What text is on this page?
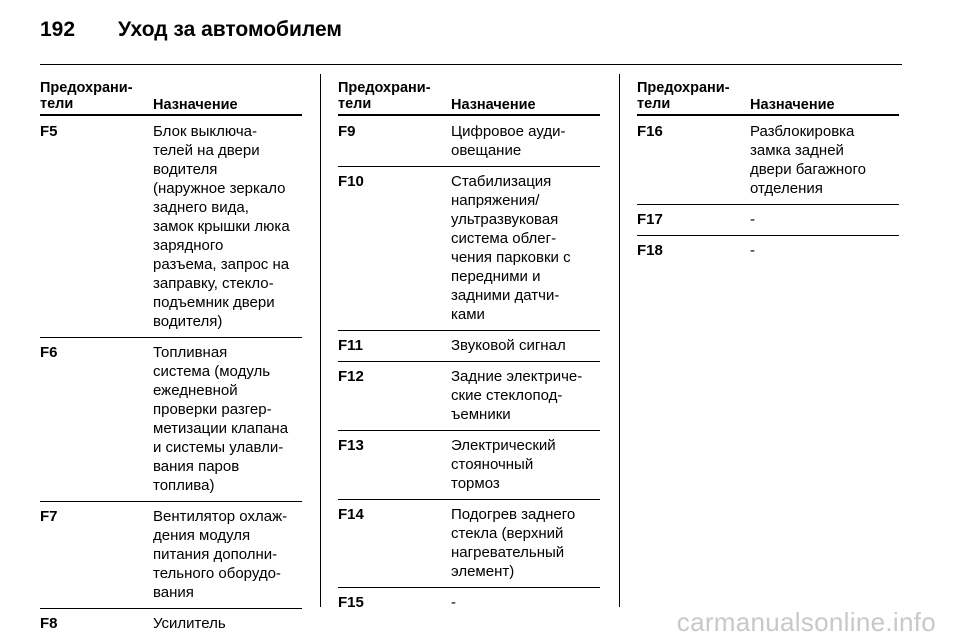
192 Уход за автомобилем
Предохрани-
тели	Назначение
F5	Блок выключа-
телей на двери
водителя
(наружное зеркало
заднего вида,
замок крышки люка
зарядного
разъема, запрос на
заправку, стекло-
подъемник двери
водителя)
F6	Топливная
система (модуль
ежедневной
проверки разгер-
метизации клапана
и системы улавли-
вания паров
топлива)
F7	Вентилятор охлаж-
дения модуля
питания дополни-
тельного оборудо-
вания
F8	Усилитель
Предохрани-
тели	Назначение
F9	Цифровое ауди-
овещание
F10	Стабилизация
напряжения/
ультразвуковая
система облег-
чения парковки с
передними и
задними датчи-
ками
F11	Звуковой сигнал
F12	Задние электриче-
ские стеклопод-
ъемники
F13	Электрический
стояночный
тормоз
F14	Подогрев заднего
стекла (верхний
нагревательный
элемент)
F15	-
Предохрани-
тели	Назначение
F16	Разблокировка
замка задней
двери багажного
отделения
F17	-
F18	-
carmanualsonline.info
